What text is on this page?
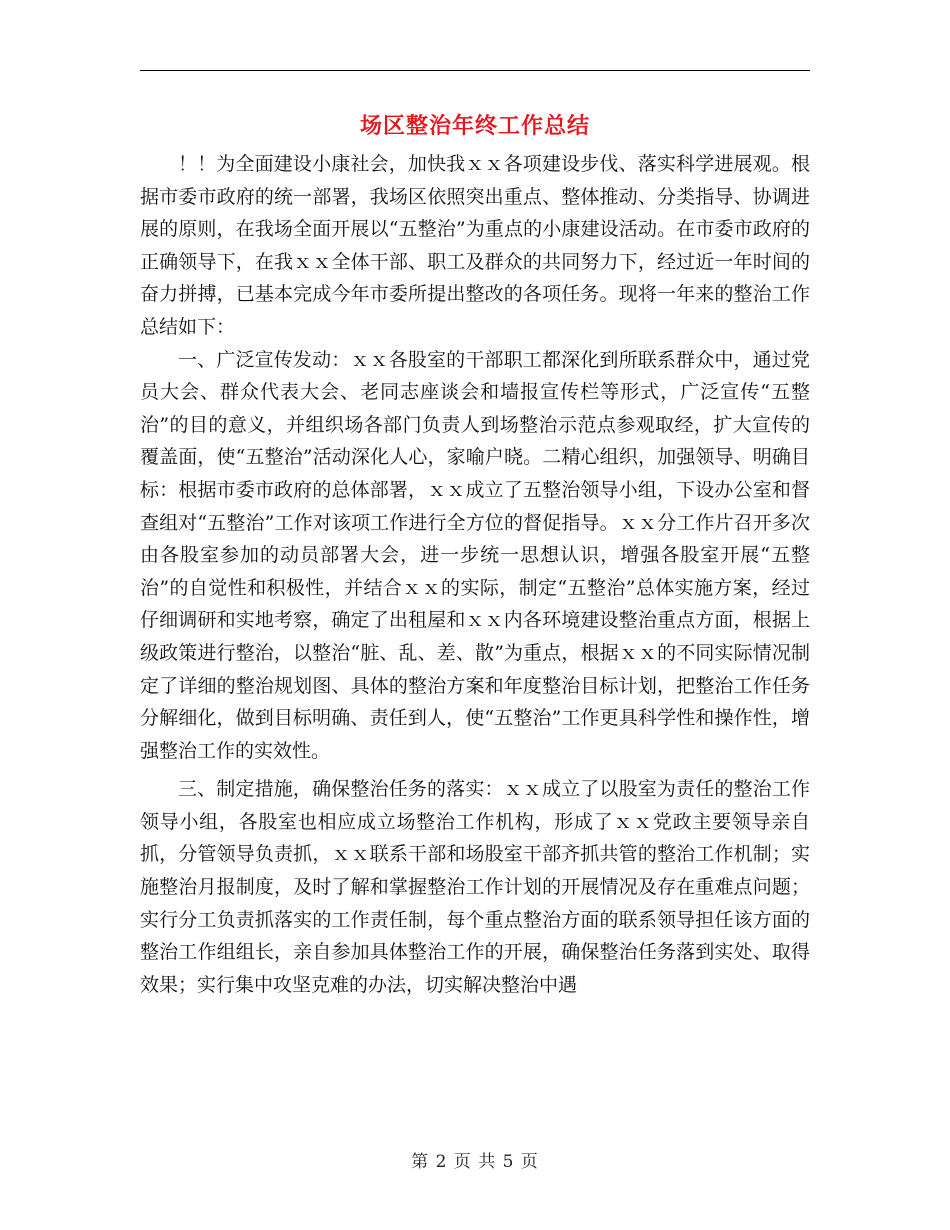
场区整治年终工作总结

！！为全面建设小康社会，加快我ｘｘ各项建设步伐、落实科学进展观。根据市委市政府的统一部署，我场区依照突出重点、整体推动、分类指导、协调进展的原则，在我场全面开展以“五整治”为重点的小康建设活动。在市委市政府的正确领导下，在我ｘｘ全体干部、职工及群众的共同努力下，经过近一年时间的奋力拼搏，已基本完成今年市委所提出整改的各项任务。现将一年来的整治工作总结如下：

一、广泛宣传发动：ｘｘ各股室的干部职工都深化到所联系群众中，通过党员大会、群众代表大会、老同志座谈会和墙报宣传栏等形式，广泛宣传“五整治”的目的意义，并组织场各部门负责人到场整治示范点参观取经，扩大宣传的覆盖面，使“五整治”活动深化人心，家喻户晓。二精心组织，加强领导、明确目标：根据市委市政府的总体部署，ｘｘ成立了五整治领导小组，下设办公室和督查组对“五整治”工作对该项工作进行全方位的督促指导。ｘｘ分工作片召开多次由各股室参加的动员部署大会，进一步统一思想认识，增强各股室开展“五整治”的自觉性和积极性，并结合ｘｘ的实际，制定“五整治”总体实施方案，经过仔细调研和实地考察，确定了出租屋和ｘｘ内各环境建设整治重点方面，根据上级政策进行整治，以整治“脏、乱、差、散”为重点，根据ｘｘ的不同实际情况制定了详细的整治规划图、具体的整治方案和年度整治目标计划，把整治工作任务分解细化，做到目标明确、责任到人，使“五整治”工作更具科学性和操作性，增强整治工作的实效性。

三、制定措施，确保整治任务的落实：ｘｘ成立了以股室为责任的整治工作领导小组，各股室也相应成立场整治工作机构，形成了ｘｘ党政主要领导亲自抓，分管领导负责抓，ｘｘ联系干部和场股室干部齐抓共管的整治工作机制；实施整治月报制度，及时了解和掌握整治工作计划的开展情况及存在重难点问题；实行分工负责抓落实的工作责任制，每个重点整治方面的联系领导担任该方面的整治工作组组长，亲自参加具体整治工作的开展，确保整治任务落到实处、取得效果；实行集中攻坚克难的办法，切实解决整治中遇

第 2 页 共 5 页
